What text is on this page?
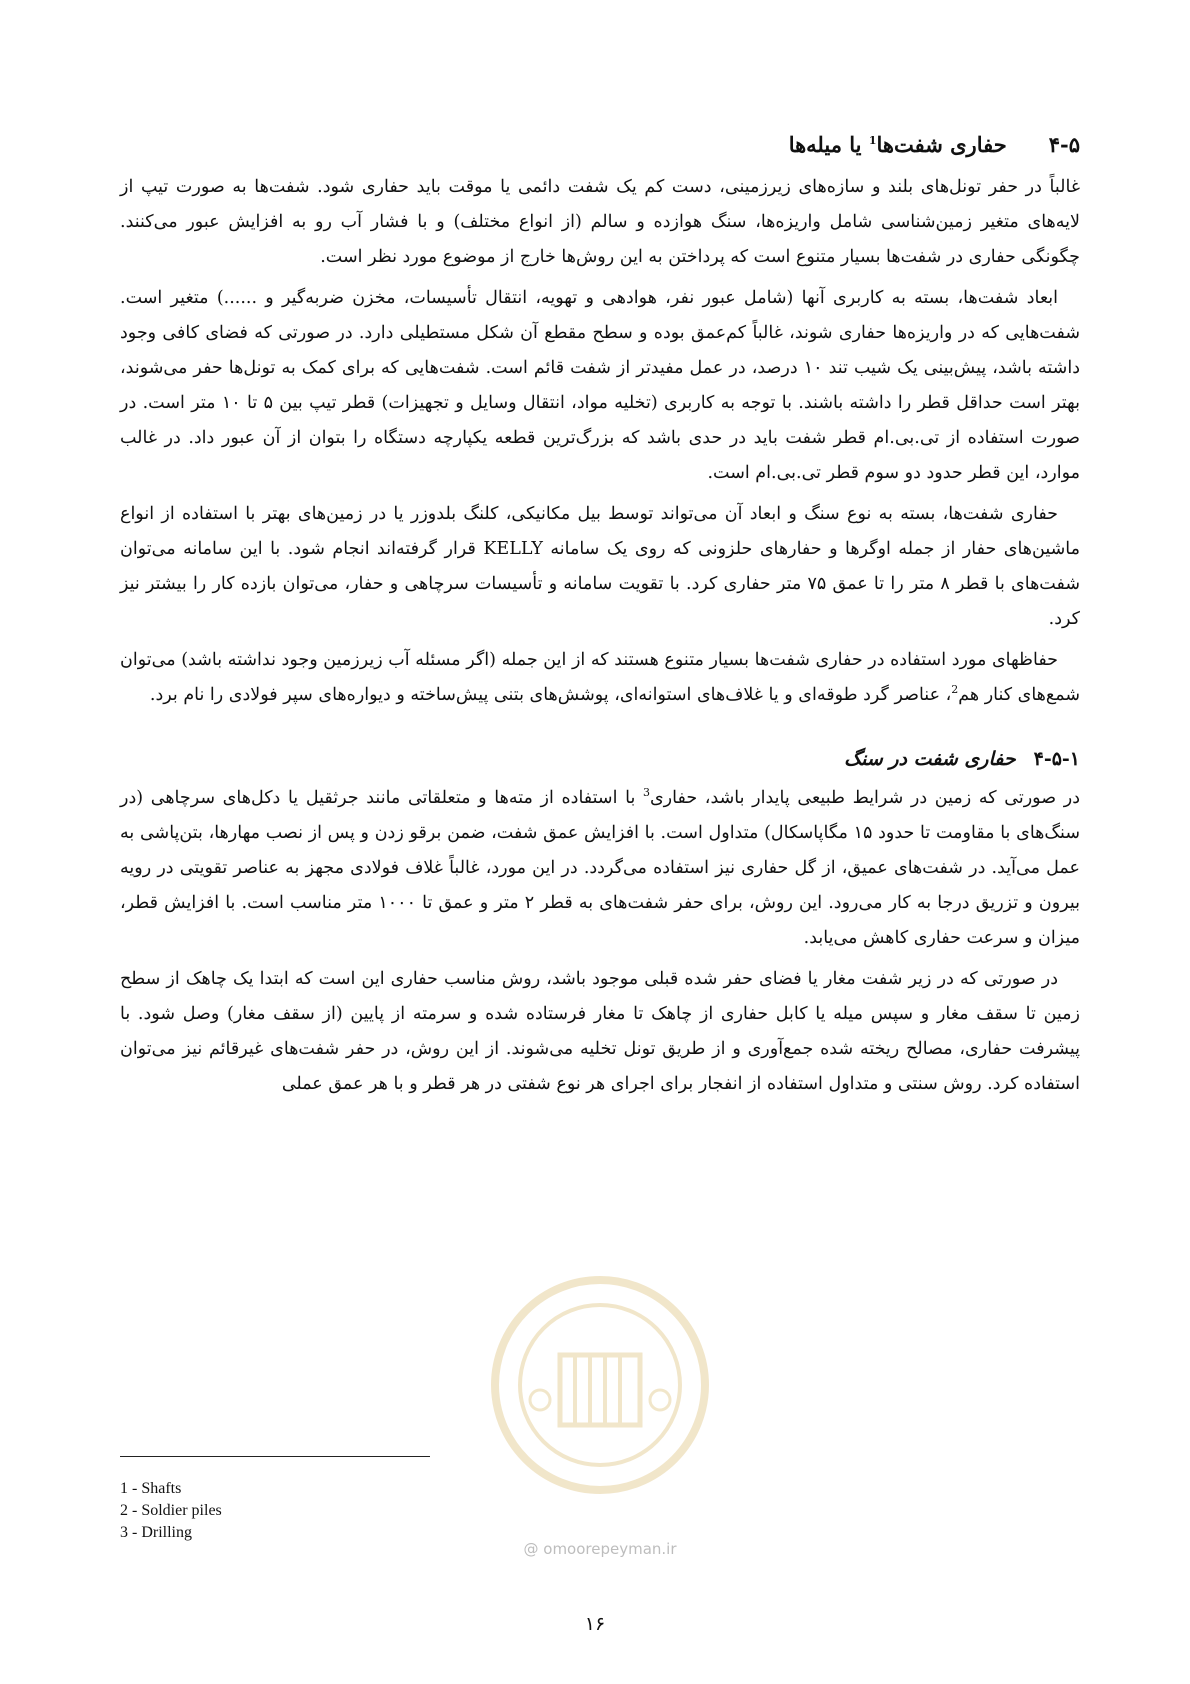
۴-۵حفاری شفت‌ها$^1$ یا میله‌ها

غالباً در حفر تونل‌های بلند و سازه‌های زیرزمینی، دست کم یک شفت دائمی یا موقت باید حفاری شود. شفت‌ها به صورت تیپ از لایه‌های متغیر زمین‌شناسی شامل واریزه‌ها، سنگ هوازده و سالم (از انواع مختلف) و با فشار آب رو به افزایش عبور می‌کنند. چگونگی حفاری در شفت‌ها بسیار متنوع است که پرداختن به این روش‌ها خارج از موضوع مورد نظر است.

ابعاد شفت‌ها، بسته به کاربری آنها (شامل عبور نفر، هوادهی و تهویه، انتقال تأسیسات، مخزن ضربه‌گیر و ......) متغیر است. شفت‌هایی که در واریزه‌ها حفاری شوند، غالباً کم‌عمق بوده و سطح مقطع آن شکل مستطیلی دارد. در صورتی که فضای کافی وجود داشته باشد، پیش‌بینی یک شیب تند ۱۰ درصد، در عمل مفیدتر از شفت قائم است. شفت‌هایی که برای کمک به تونل‌ها حفر می‌شوند، بهتر است حداقل قطر را داشته باشند. با توجه به کاربری (تخلیه مواد، انتقال وسایل و تجهیزات) قطر تیپ بین ۵ تا ۱۰ متر است. در صورت استفاده از تی.بی.ام قطر شفت باید در حدی باشد که بزرگ‌ترین قطعه یکپارچه دستگاه را بتوان از آن عبور داد. در غالب موارد، این قطر حدود دو سوم قطر تی.بی.ام است.

حفاری شفت‌ها، بسته به نوع سنگ و ابعاد آن می‌تواند توسط بیل مکانیکی، کلنگ بلدوزر یا در زمین‌های بهتر با استفاده از انواع ماشین‌های حفار از جمله اوگرها و حفارهای حلزونی که روی یک سامانه KELLY قرار گرفته‌اند انجام شود. با این سامانه می‌توان شفت‌های با قطر ۸ متر را تا عمق ۷۵ متر حفاری کرد. با تقویت سامانه و تأسیسات سرچاهی و حفار، می‌توان بازده کار را بیشتر نیز کرد.

حفاظهای مورد استفاده در حفاری شفت‌ها بسیار متنوع هستند که از این جمله (اگر مسئله آب زیرزمین وجود نداشته باشد) می‌توان شمع‌های کنار هم$^2$، عناصر گرد طوقه‌ای و یا غلاف‌های استوانه‌ای، پوشش‌های بتنی پیش‌ساخته و دیواره‌های سپر فولادی را نام برد.

۴-۵-۱حفاری شفت در سنگ

در صورتی که زمین در شرایط طبیعی پایدار باشد، حفاری$^3$ با استفاده از مته‌ها و متعلقاتی مانند جرثقیل یا دکل‌های سرچاهی (در سنگ‌های با مقاومت تا حدود ۱۵ مگاپاسکال) متداول است. با افزایش عمق شفت، ضمن برقو زدن و پس از نصب مهارها، بتن‌پاشی به عمل می‌آید. در شفت‌های عمیق، از گل حفاری نیز استفاده می‌گردد. در این مورد، غالباً غلاف فولادی مجهز به عناصر تقویتی در رویه بیرون و تزریق درجا به کار می‌رود. این روش، برای حفر شفت‌های به قطر ۲ متر و عمق تا ۱۰۰۰ متر مناسب است. با افزایش قطر، میزان و سرعت حفاری کاهش می‌یابد.

در صورتی که در زیر شفت مغار یا فضای حفر شده قبلی موجود باشد، روش مناسب حفاری این است که ابتدا یک چاهک از سطح زمین تا سقف مغار و سپس میله یا کابل حفاری از چاهک تا مغار فرستاده شده و سرمته از پایین (از سقف مغار) وصل شود. با پیشرفت حفاری، مصالح ریخته شده جمع‌آوری و از طریق تونل تخلیه می‌شوند. از این روش، در حفر شفت‌های غیرقائم نیز می‌توان استفاده کرد. روش سنتی و متداول استفاده از انفجار برای اجرای هر نوع شفتی در هر قطر و با هر عمق عملی

1 - Shafts
2 - Soldier piles
3 - Drilling
@ omoorepeyman.ir
۱۶
